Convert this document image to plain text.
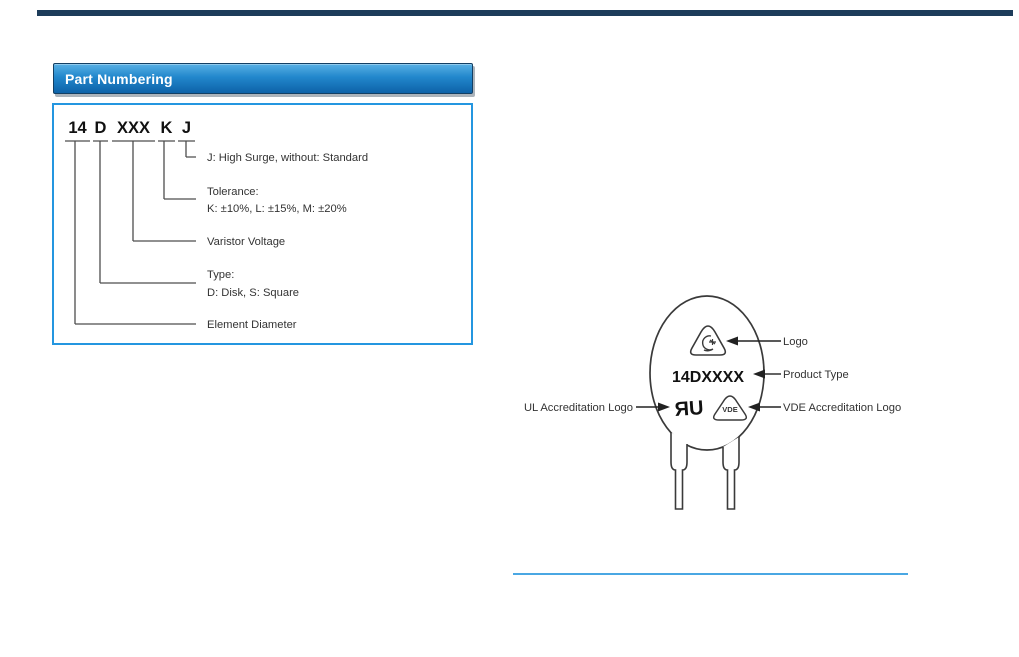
Part Numbering
14 D XXX K J
J: High Surge, without: Standard
Tolerance:
K: ±10%, L: ±15%, M: ±20%
Varistor Voltage
Type:
D: Disk, S: Square
Element Diameter
14DXXXX
ЯU VDE
Logo
Product Type
VDE Accreditation Logo
UL Accreditation Logo
